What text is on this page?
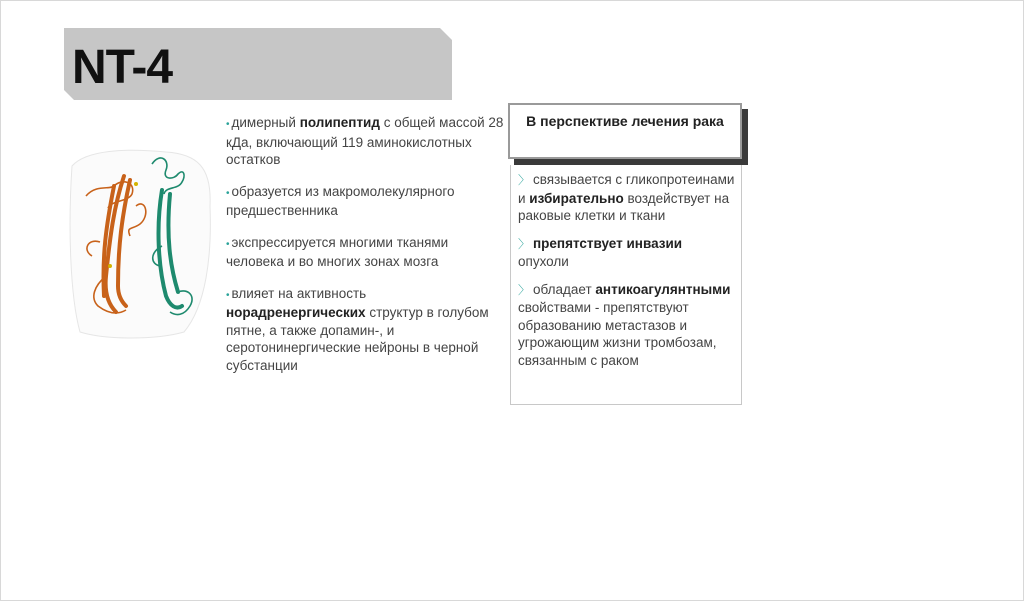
NT-4
• димерный полипептид с общей массой 28 кДа, включающий 119 аминокислотных остатков
• образуется из макромолекулярного предшественника
• экспрессируется многими тканями человека и во многих зонах мозга
• влияет на активность норадренергических структур в голубом пятне, а также допамин-, и серотонинергические нейроны в черной субстанции
В перспективе лечения рака
〉 связывается с гликопротеинами и избирательно воздействует на раковые клетки и ткани
〉 препятствует инвазии опухоли
〉 обладает антикоагулянтными свойствами - препятствуют образованию метастазов и угрожающим жизни тромбозам, связанным с раком
